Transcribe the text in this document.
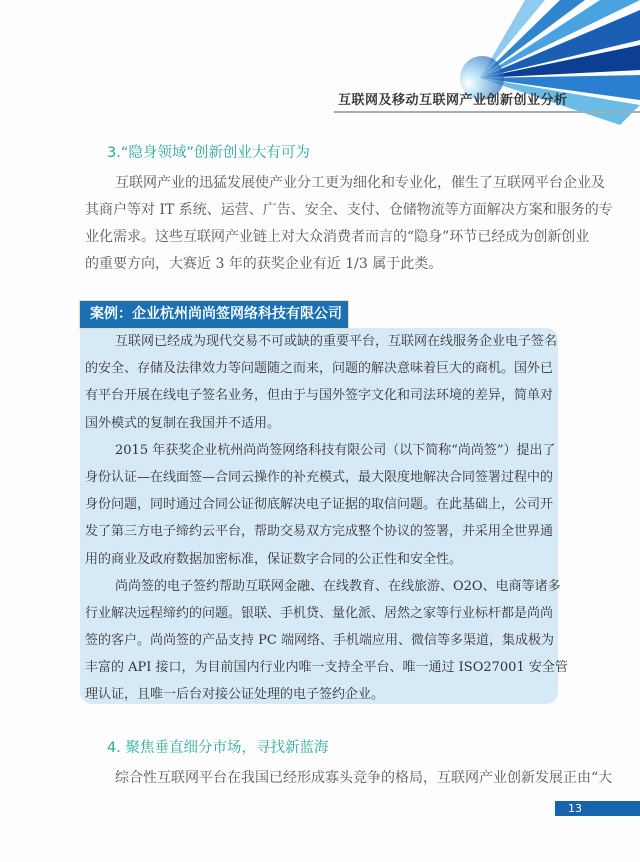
互联网及移动互联网产业创新创业分析
3.“隐身领域”创新创业大有可为
互联网产业的迅猛发展使产业分工更为细化和专业化，催生了互联网平台企业及
其商户等对 IT 系统、运营、广告、安全、支付、仓储物流等方面解决方案和服务的专
业化需求。这些互联网产业链上对大众消费者而言的“隐身”环节已经成为创新创业
的重要方向，大赛近 3 年的获奖企业有近 1/3 属于此类。
案例：企业杭州尚尚签网络科技有限公司
互联网已经成为现代交易不可或缺的重要平台，互联网在线服务企业电子签名
的安全、存储及法律效力等问题随之而来，问题的解决意味着巨大的商机。国外已
有平台开展在线电子签名业务，但由于与国外签字文化和司法环境的差异，简单对
国外模式的复制在我国并不适用。
2015 年获奖企业杭州尚尚签网络科技有限公司（以下简称“尚尚签”）提出了
身份认证—在线面签—合同云操作的补充模式，最大限度地解决合同签署过程中的
身份问题，同时通过合同公证彻底解决电子证据的取信问题。在此基础上，公司开
发了第三方电子缔约云平台，帮助交易双方完成整个协议的签署，并采用全世界通
用的商业及政府数据加密标准，保证数字合同的公正性和安全性。
尚尚签的电子签约帮助互联网金融、在线教育、在线旅游、O2O、电商等诸多
行业解决远程缔约的问题。银联、手机贷、量化派、居然之家等行业标杆都是尚尚
签的客户。尚尚签的产品支持 PC 端网络、手机端应用、微信等多渠道，集成极为
丰富的 API 接口，为目前国内行业内唯一支持全平台、唯一通过 ISO27001 安全管
理认证，且唯一后台对接公证处理的电子签约企业。
4. 聚焦垂直细分市场，寻找新蓝海
综合性互联网平台在我国已经形成寡头竞争的格局，互联网产业创新发展正由“大
13
